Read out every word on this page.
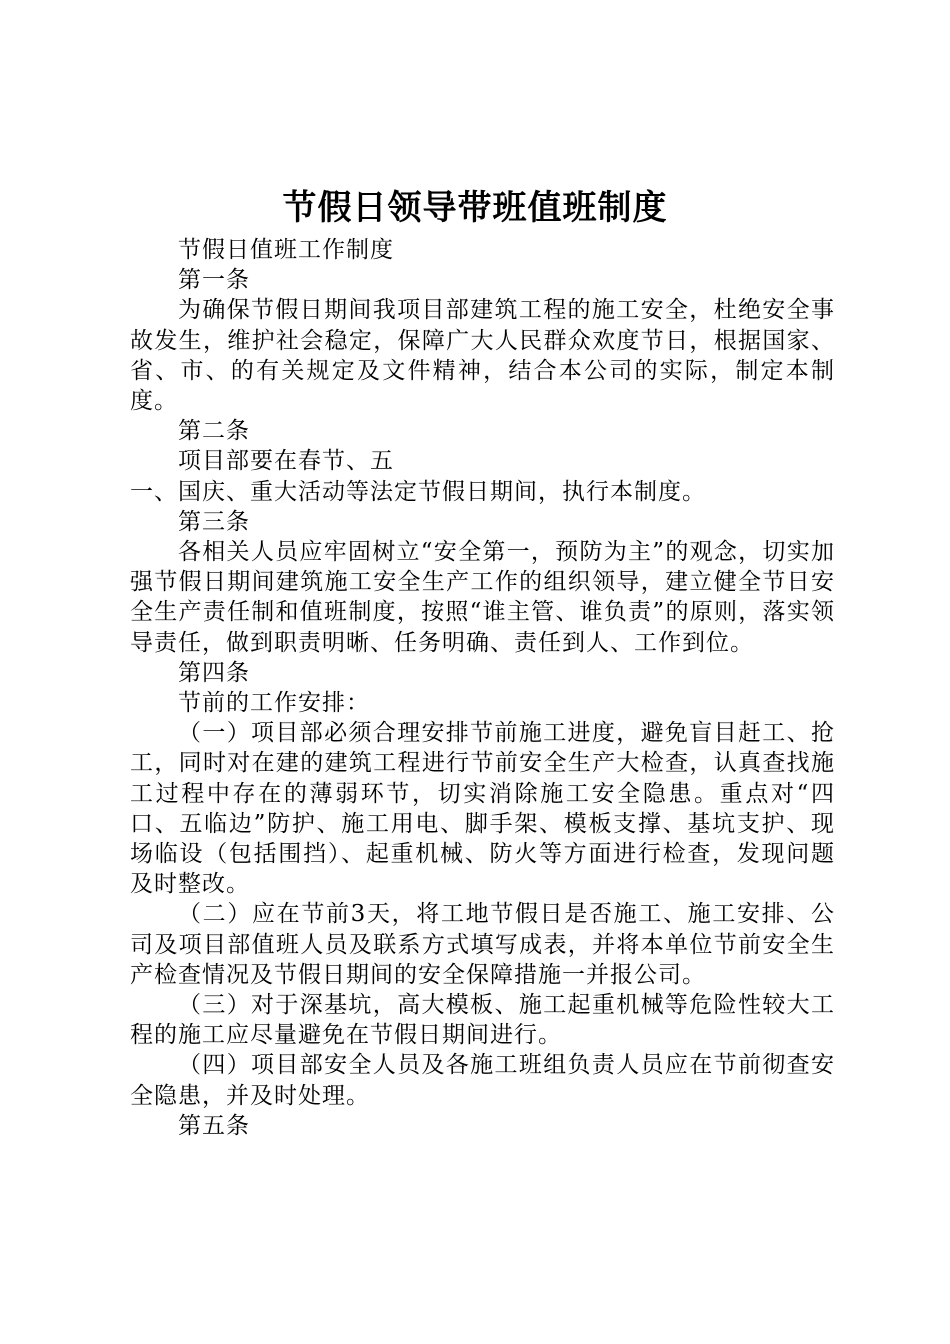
节假日领导带班值班制度

节假日值班工作制度

第一条

为确保节假日期间我项目部建筑工程的施工安全，杜绝安全事故发生，维护社会稳定，保障广大人民群众欢度节日，根据国家、省、市、的有关规定及文件精神，结合本公司的实际，制定本制度。

第二条

项目部要在春节、五

一、国庆、重大活动等法定节假日期间，执行本制度。

第三条

各相关人员应牢固树立“安全第一，预防为主”的观念，切实加强节假日期间建筑施工安全生产工作的组织领导，建立健全节日安全生产责任制和值班制度，按照“谁主管、谁负责”的原则，落实领导责任，做到职责明晰、任务明确、责任到人、工作到位。

第四条

节前的工作安排：

（一）项目部必须合理安排节前施工进度，避免盲目赶工、抢工，同时对在建的建筑工程进行节前安全生产大检查，认真查找施工过程中存在的薄弱环节，切实消除施工安全隐患。重点对“四口、五临边”防护、施工用电、脚手架、模板支撑、基坑支护、现场临设（包括围挡）、起重机械、防火等方面进行检查，发现问题及时整改。

（二）应在节前3天，将工地节假日是否施工、施工安排、公司及项目部值班人员及联系方式填写成表，并将本单位节前安全生产检查情况及节假日期间的安全保障措施一并报公司。

（三）对于深基坑，高大模板、施工起重机械等危险性较大工程的施工应尽量避免在节假日期间进行。

（四）项目部安全人员及各施工班组负责人员应在节前彻查安全隐患，并及时处理。

第五条
